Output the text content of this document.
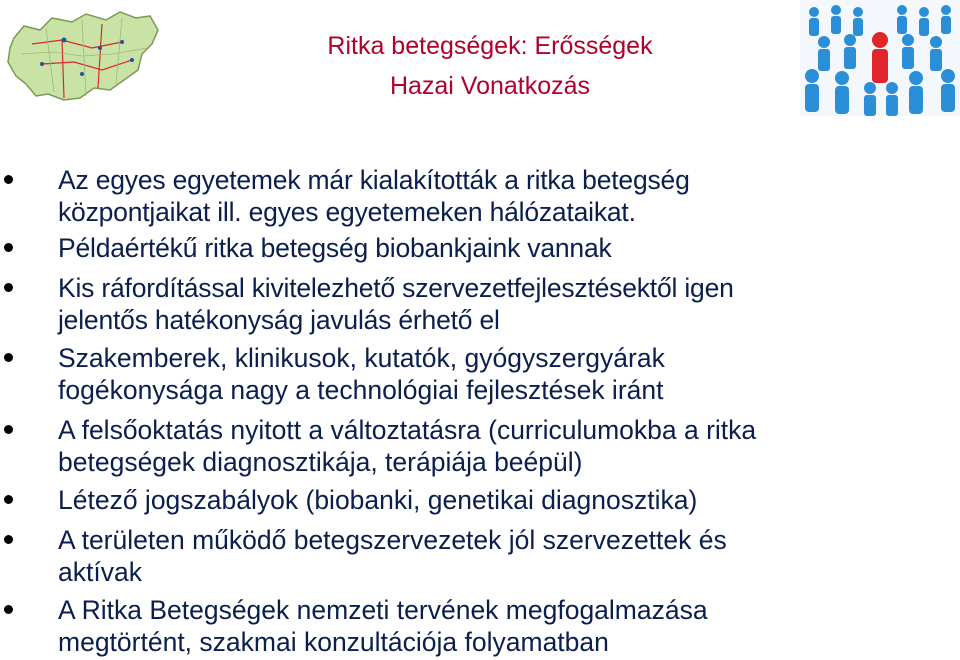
Ritka betegségek: Erősségek
Hazai Vonatkozás
Az egyes egyetemek már kialakították a ritka betegség
központjaikat ill. egyes egyetemeken hálózataikat.
Példaértékű ritka betegség biobankjaink vannak
Kis ráfordítással kivitelezhető szervezetfejlesztésektől igen
jelentős hatékonyság javulás érhető el
Szakemberek, klinikusok, kutatók, gyógyszergyárak
fogékonysága nagy a technológiai fejlesztések iránt
A felsőoktatás nyitott a változtatásra (curriculumokba a ritka
betegségek diagnosztikája, terápiája beépül)
Létező jogszabályok (biobanki, genetikai diagnosztika)
A területen működő betegszervezetek jól szervezettek és
aktívak
A Ritka Betegségek nemzeti tervének megfogalmazása
megtörtént, szakmai konzultációja folyamatban
